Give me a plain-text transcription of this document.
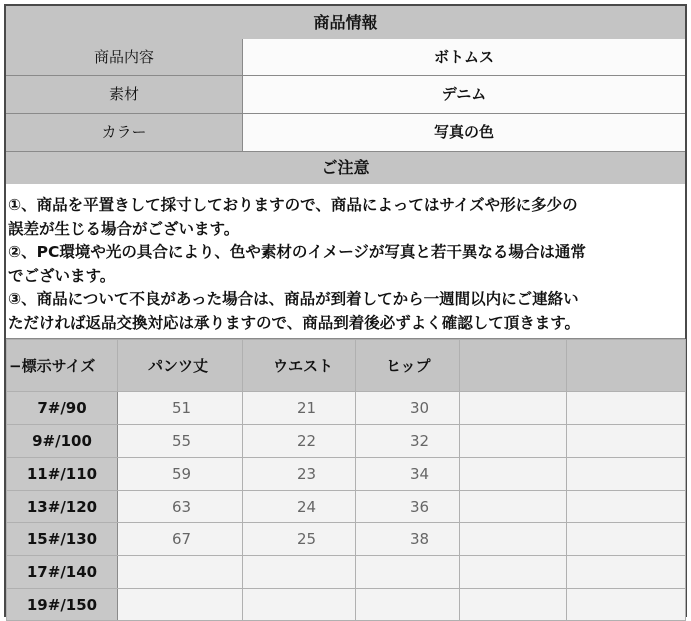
商品情報
商品内容	ボトムス
素材	デニム
カラー	写真の色
ご注意

①、商品を平置きして採寸しておりますので、商品によってはサイズや形に多少の

誤差が生じる場合がございます。

②、PC環境や光の具合により、色や素材のイメージが写真と若干異なる場合は通常

でございます。

③、商品について不良があった場合は、商品が到着してから一週間以内にご連絡い

ただければ返品交換対応は承りますので、商品到着後必ずよく確認して頂きます。

−標示サイズ	パンツ丈	ウエスト	ヒップ		
7#/90	51	21	30		
9#/100	55	22	32		
11#/110	59	23	34		
13#/120	63	24	36		
15#/130	67	25	38		
17#/140					
19#/150					
